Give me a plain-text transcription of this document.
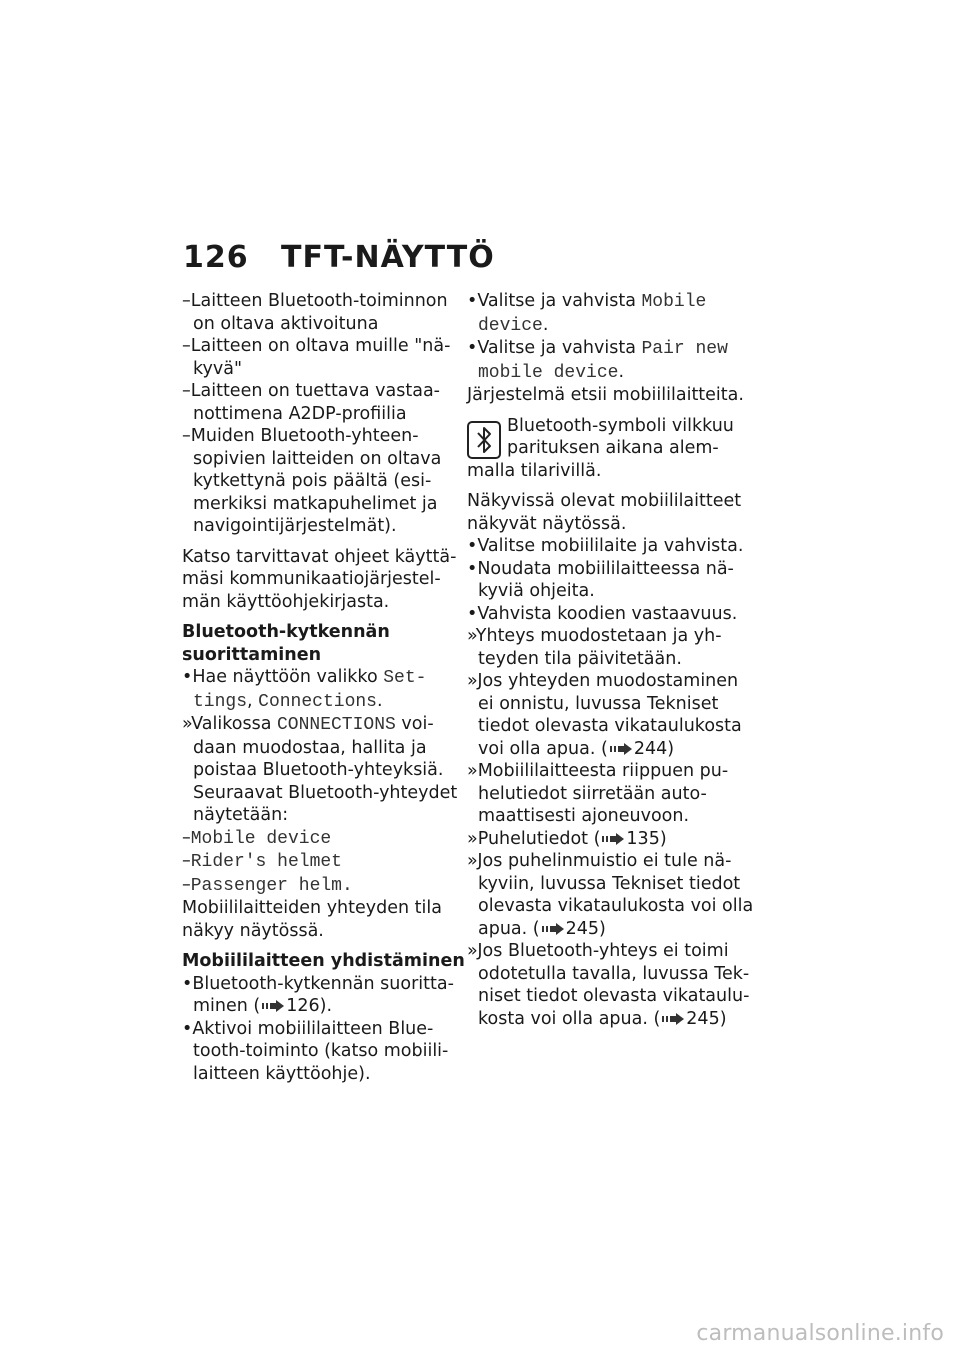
126 TFT-NÄYTTÖ
–Laitteen Bluetooth-toiminnon
on oltava aktivoituna
–Laitteen on oltava muille "nä-
kyvä"
–Laitteen on tuettava vastaa-
nottimena A2DP-profiilia
–Muiden Bluetooth-yhteen-
sopivien laitteiden on oltava
kytkettynä pois päältä (esi-
merkiksi matkapuhelimet ja
navigointijärjestelmät).
Katso tarvittavat ohjeet käyttä-
mäsi kommunikaatiojärjestel-
män käyttöohjekirjasta.
Bluetooth-kytkennän
suorittaminen
•Hae näyttöön valikko Set-
tings, Connections.
»Valikossa CONNECTIONS voi-
daan muodostaa, hallita ja
poistaa Bluetooth-yhteyksiä.
Seuraavat Bluetooth-yhteydet
näytetään:
–Mobile device
–Rider's helmet
–Passenger helm.
Mobiililaitteiden yhteyden tila
näkyy näytössä.
Mobiililaitteen yhdistäminen
•Bluetooth-kytkennän suoritta-
minen ( 126).
•Aktivoi mobiililaitteen Blue-
tooth-toiminto (katso mobiili-
laitteen käyttöohje).
•Valitse ja vahvista Mobile
device.
•Valitse ja vahvista Pair new
mobile device.
Järjestelmä etsii mobiililaitteita.
Bluetooth-symboli vilkkuu
parituksen aikana alem-
malla tilarivillä.
Näkyvissä olevat mobiililaitteet
näkyvät näytössä.
•Valitse mobiililaite ja vahvista.
•Noudata mobiililaitteessa nä-
kyviä ohjeita.
•Vahvista koodien vastaavuus.
»Yhteys muodostetaan ja yh-
teyden tila päivitetään.
»Jos yhteyden muodostaminen
ei onnistu, luvussa Tekniset
tiedot olevasta vikataulukosta
voi olla apua. ( 244)
»Mobiililaitteesta riippuen pu-
helutiedot siirretään auto-
maattisesti ajoneuvoon.
»Puhelutiedot ( 135)
»Jos puhelinmuistio ei tule nä-
kyviin, luvussa Tekniset tiedot
olevasta vikataulukosta voi olla
apua. ( 245)
»Jos Bluetooth-yhteys ei toimi
odotetulla tavalla, luvussa Tek-
niset tiedot olevasta vikataulu-
kosta voi olla apua. ( 245)
carmanualsonline.info
